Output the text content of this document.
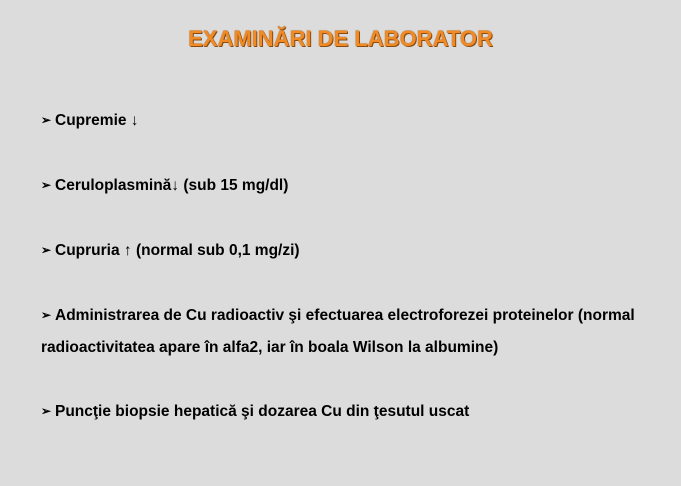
EXAMINĂRI DE LABORATOR
➢ Cupremie ↓
➢ Ceruloplasmină↓ (sub 15 mg/dl)
➢ Cupruria ↑ (normal sub 0,1 mg/zi)
➢ Administrarea de Cu radioactiv şi efectuarea electroforezei proteinelor (normal radioactivitatea apare în alfa2, iar în boala Wilson la albumine)
➢ Puncţie biopsie hepatică şi dozarea Cu din ţesutul uscat
